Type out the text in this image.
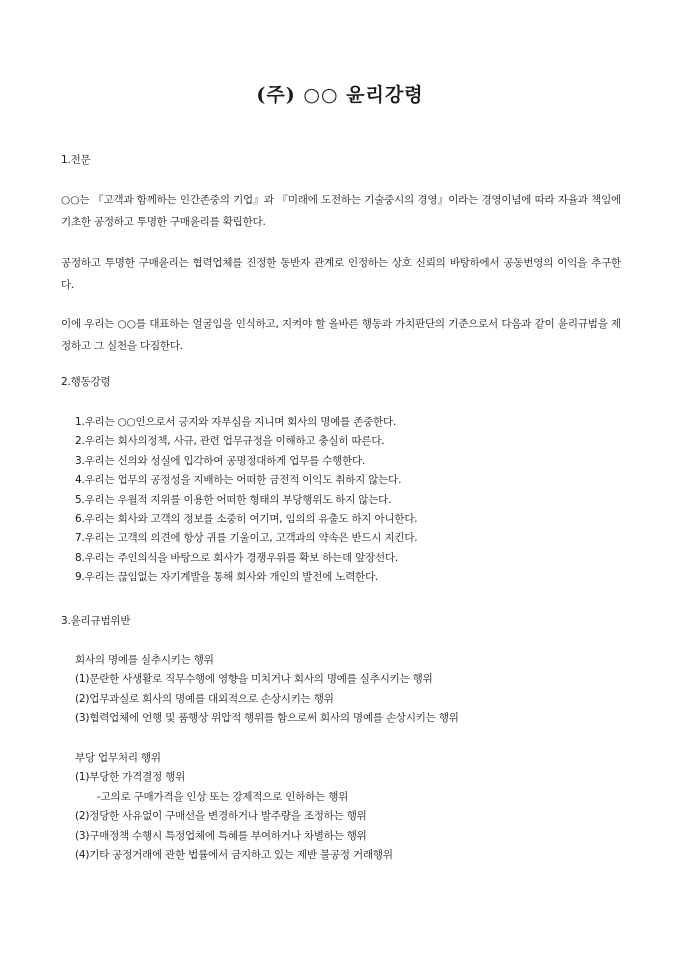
(주) ○○ 윤리강령
1.전문
○○는 『고객과 함께하는 인간존중의 기업』과 『미래에 도전하는 기술중시의 경영』이라는 경영이념에 따라 자율과 책임에 기초한 공정하고 투명한 구매윤리를 확립한다.
공정하고 투명한 구매윤리는 협력업체를 진정한 동반자 관계로 인정하는 상호 신뢰의 바탕하에서 공동번영의 이익을 추구한다.
이에 우리는 ○○를 대표하는 얼굴임을 인식하고, 지켜야 할 올바른 행동과 가치판단의 기준으로서 다음과 같이 윤리규범을 제정하고 그 실천을 다짐한다.
2.행동강령
1.우리는 ○○인으로서 긍지와 자부심을 지니며 회사의 명예를 존중한다.
2.우리는 회사의정책, 사규, 관련 업무규정을 이해하고 충실히 따른다.
3.우리는 신의와 성실에 입각하여 공명정대하게 업무를 수행한다.
4.우리는 업무의 공정성을 지배하는 어떠한 금전적 이익도 취하지 않는다.
5.우리는 우월적 지위를 이용한 어떠한 형태의 부당행위도 하지 않는다.
6.우리는 회사와 고객의 정보를 소중히 여기며, 임의의 유출도 하지 아니한다.
7.우리는 고객의 의견에 항상 귀를 기울이고, 고객과의 약속은 반드시 지킨다.
8.우리는 주인의식을 바탕으로 회사가 경쟁우위를 확보 하는데 앞장선다.
9.우리는 끊임없는 자기계발을 통해 회사와 개인의 발전에 노력한다.
3.윤리규범위반
회사의 명예를 실추시키는 행위
(1)문란한 사생활로 직무수행에 영향을 미치거나 회사의 명예를 실추시키는 행위
(2)업무과실로 회사의 명예를 대외적으로 손상시키는 행위
(3)협력업체에 언행 및 품행상 위압적 행위를 함으로써 회사의 명예를 손상시키는 행위
부당 업무처리 행위
(1)부당한 가격결정 행위
-고의로 구매가격을 인상 또는 강제적으로 인하하는 행위
(2)정당한 사유없이 구매선을 변경하거나 발주량을 조정하는 행위
(3)구매정책 수행시 특정업체에 특혜를 부여하거나 차별하는 행위
(4)기타 공정거래에 관한 법률에서 금지하고 있는 제반 불공정 거래행위
